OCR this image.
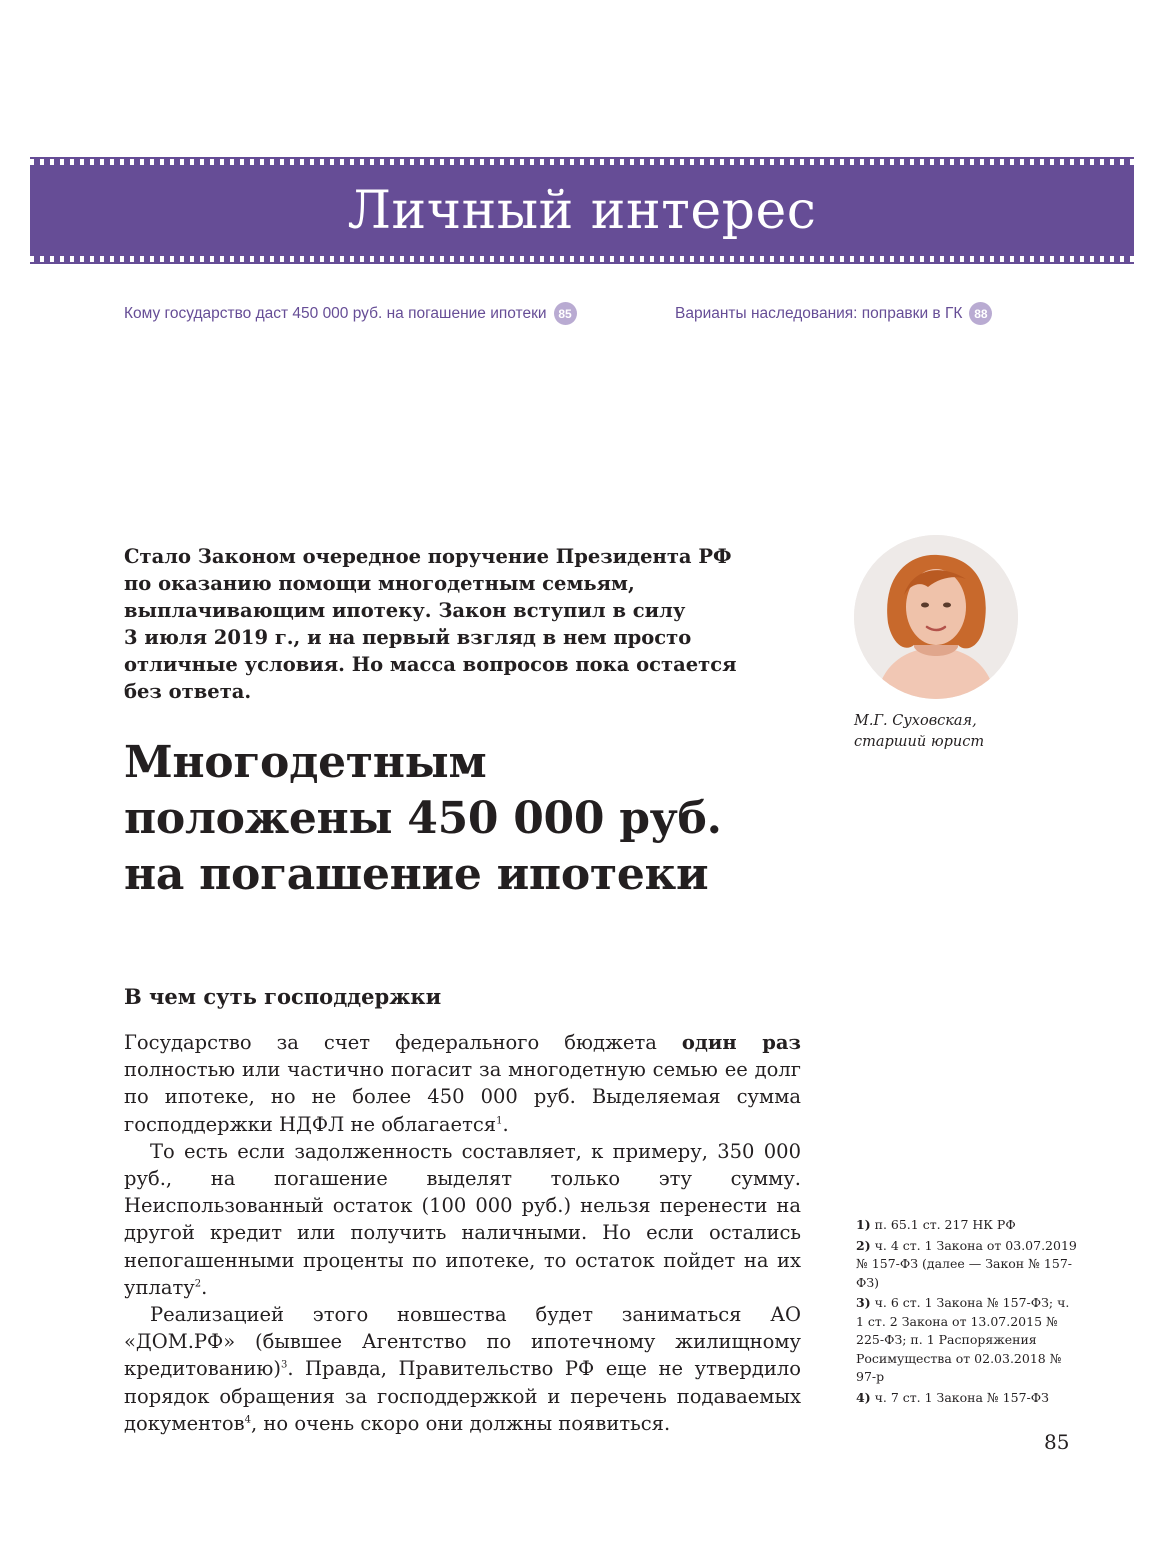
Личный интерес
Кому государство даст 450 000 руб. на погашение ипотеки 85	Варианты наследования: поправки в ГК 88
Стало Законом очередное поручение Президента РФ
по оказанию помощи многодетным семьям,
выплачивающим ипотеку. Закон вступил в силу
3 июля 2019 г., и на первый взгляд в нем просто
отличные условия. Но масса вопросов пока остается
без ответа.
Многодетным
положены 450 000 руб.
на погашение ипотеки
М.Г. Суховская,
старший юрист
В чем суть господдержки

Государство за счет федерального бюджета один раз полностью или частично погасит за многодетную семью ее долг по ипотеке, но не более 450 000 руб. Выделяемая сумма господдержки НДФЛ не облагается$^1$.

То есть если задолженность составляет, к примеру, 350 000 руб., на погашение выделят только эту сумму. Неиспользованный остаток (100 000 руб.) нельзя перенести на другой кредит или получить наличными. Но если остались непогашенными проценты по ипотеке, то остаток пойдет на их уплату$^2$.

Реализацией этого новшества будет заниматься АО «ДОМ.РФ» (бывшее Агентство по ипотечному жилищному кредитованию)$^3$. Правда, Правительство РФ еще не утвердило порядок обращения за господдержкой и перечень подаваемых документов$^4$, но очень скоро они должны появиться.

1) п. 65.1 ст. 217 НК РФ
2) ч. 4 ст. 1 Закона от 03.07.2019 № 157-ФЗ (далее — Закон № 157-ФЗ)
3) ч. 6 ст. 1 Закона № 157-ФЗ; ч. 1 ст. 2 Закона от 13.07.2015 № 225-ФЗ; п. 1 Распоряжения Росимущества от 02.03.2018 № 97-р
4) ч. 7 ст. 1 Закона № 157-ФЗ
85
